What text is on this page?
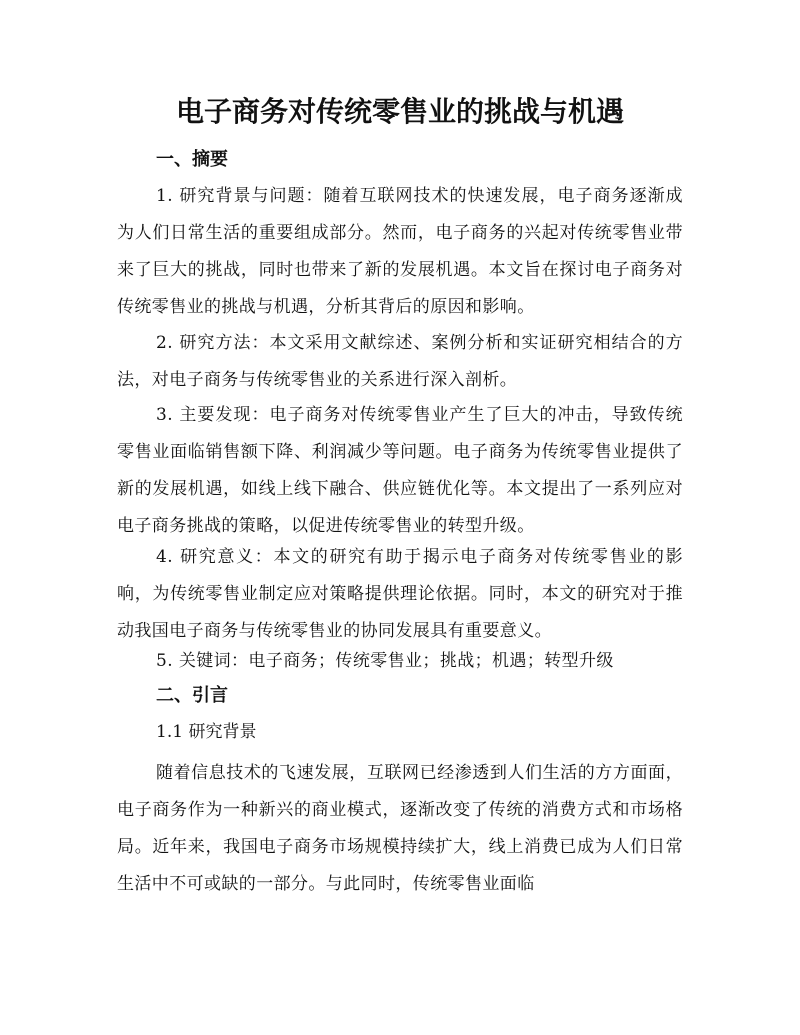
电子商务对传统零售业的挑战与机遇
一、摘要
1. 研究背景与问题：随着互联网技术的快速发展，电子商务逐渐成为人们日常生活的重要组成部分。然而，电子商务的兴起对传统零售业带来了巨大的挑战，同时也带来了新的发展机遇。本文旨在探讨电子商务对传统零售业的挑战与机遇，分析其背后的原因和影响。
2. 研究方法：本文采用文献综述、案例分析和实证研究相结合的方法，对电子商务与传统零售业的关系进行深入剖析。
3. 主要发现：电子商务对传统零售业产生了巨大的冲击，导致传统零售业面临销售额下降、利润减少等问题。电子商务为传统零售业提供了新的发展机遇，如线上线下融合、供应链优化等。本文提出了一系列应对电子商务挑战的策略，以促进传统零售业的转型升级。
4. 研究意义：本文的研究有助于揭示电子商务对传统零售业的影响，为传统零售业制定应对策略提供理论依据。同时，本文的研究对于推动我国电子商务与传统零售业的协同发展具有重要意义。
5. 关键词：电子商务；传统零售业；挑战；机遇；转型升级
二、引言
1.1 研究背景
随着信息技术的飞速发展，互联网已经渗透到人们生活的方方面面，电子商务作为一种新兴的商业模式，逐渐改变了传统的消费方式和市场格局。近年来，我国电子商务市场规模持续扩大，线上消费已成为人们日常生活中不可或缺的一部分。与此同时，传统零售业面临
